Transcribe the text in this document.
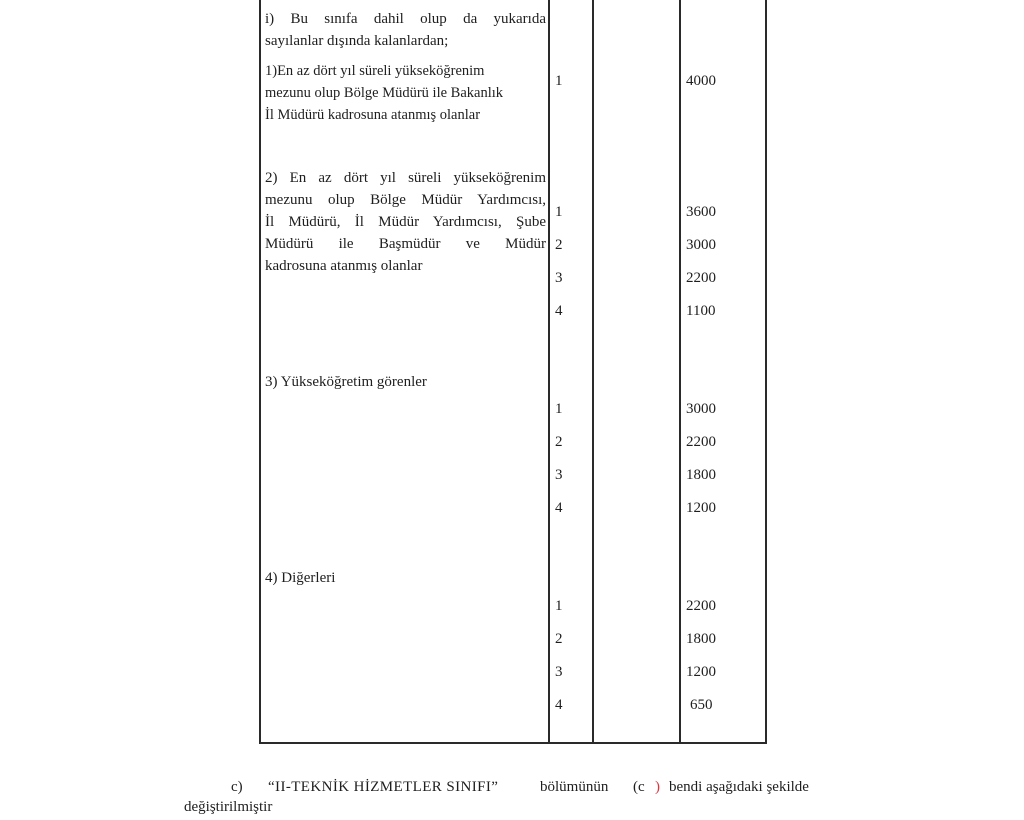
i) Bu sınıfa dahil olup da yukarıda
sayılanlar dışında kalanlardan;
1)En az dört yıl süreli yükseköğrenim
mezunu olup Bölge Müdürü ile Bakanlık
İl Müdürü kadrosuna atanmış olanlar
1	4000
2) En az dört yıl süreli yükseköğrenim
mezunu olup Bölge Müdür Yardımcısı,
İl Müdürü, İl Müdür Yardımcısı, Şube
Müdürü ile Başmüdür ve Müdür
kadrosuna atanmış olanlar
1	3600
2	3000
3	2200
4	1100
3) Yükseköğretim görenler
1	3000
2	2200
3	1800
4	1200
4) Diğerleri
1	2200
2	1800
3	1200
4	650
c) “II-TEKNİK HİZMETLER SINIFI”	bölümünün (c ) bendi aşağıdaki şekilde
değiştirilmiştir
